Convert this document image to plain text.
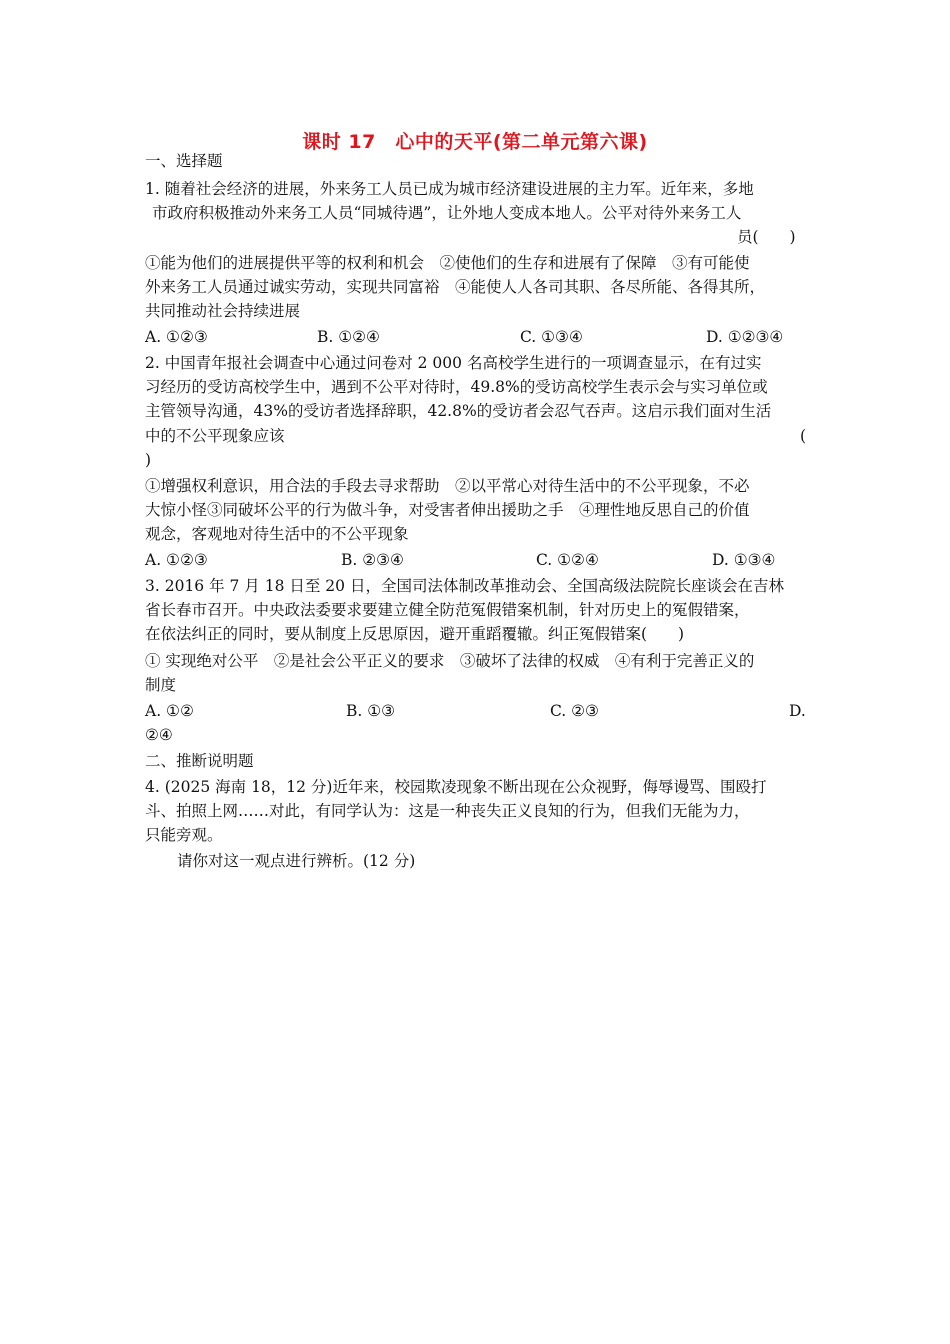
课时 17　心中的天平(第二单元第六课)
一、选择题
1. 随着社会经济的进展，外来务工人员已成为城市经济建设进展的主力军。近年来，多地
市政府积极推动外来务工人员“同城待遇”，让外地人变成本地人。公平对待外来务工人
员(　　)
①能为他们的进展提供平等的权利和机会　②使他们的生存和进展有了保障　③有可能使
外来务工人员通过诚实劳动，实现共同富裕　④能使人人各司其职、各尽所能、各得其所，
共同推动社会持续进展
A. ①②③	B. ①②④	C. ①③④	D. ①②③④
2. 中国青年报社会调查中心通过问卷对 2 000 名高校学生进行的一项调查显示，在有过实
习经历的受访高校学生中，遇到不公平对待时，49.8%的受访高校学生表示会与实习单位或
主管领导沟通，43%的受访者选择辞职，42.8%的受访者会忍气吞声。这启示我们面对生活
中的不公平现象应该	(
)
①增强权利意识，用合法的手段去寻求帮助　②以平常心对待生活中的不公平现象，不必
大惊小怪③同破坏公平的行为做斗争，对受害者伸出援助之手　④理性地反思自己的价值
观念，客观地对待生活中的不公平现象
A. ①②③	B. ②③④	C. ①②④	D. ①③④
3. 2016 年 7 月 18 日至 20 日，全国司法体制改革推动会、全国高级法院院长座谈会在吉林
省长春市召开。中央政法委要求要建立健全防范冤假错案机制，针对历史上的冤假错案，
在依法纠正的同时，要从制度上反思原因，避开重蹈覆辙。纠正冤假错案(　　)
① 实现绝对公平　②是社会公平正义的要求　③破坏了法律的权威　④有利于完善正义的
制度
A. ①②	B. ①③	C. ②③	D.
②④
二、推断说明题
4. (2025 海南 18，12 分)近年来，校园欺凌现象不断出现在公众视野，侮辱谩骂、围殴打
斗、拍照上网……对此，有同学认为：这是一种丧失正义良知的行为，但我们无能为力，
只能旁观。
请你对这一观点进行辨析。(12 分)
